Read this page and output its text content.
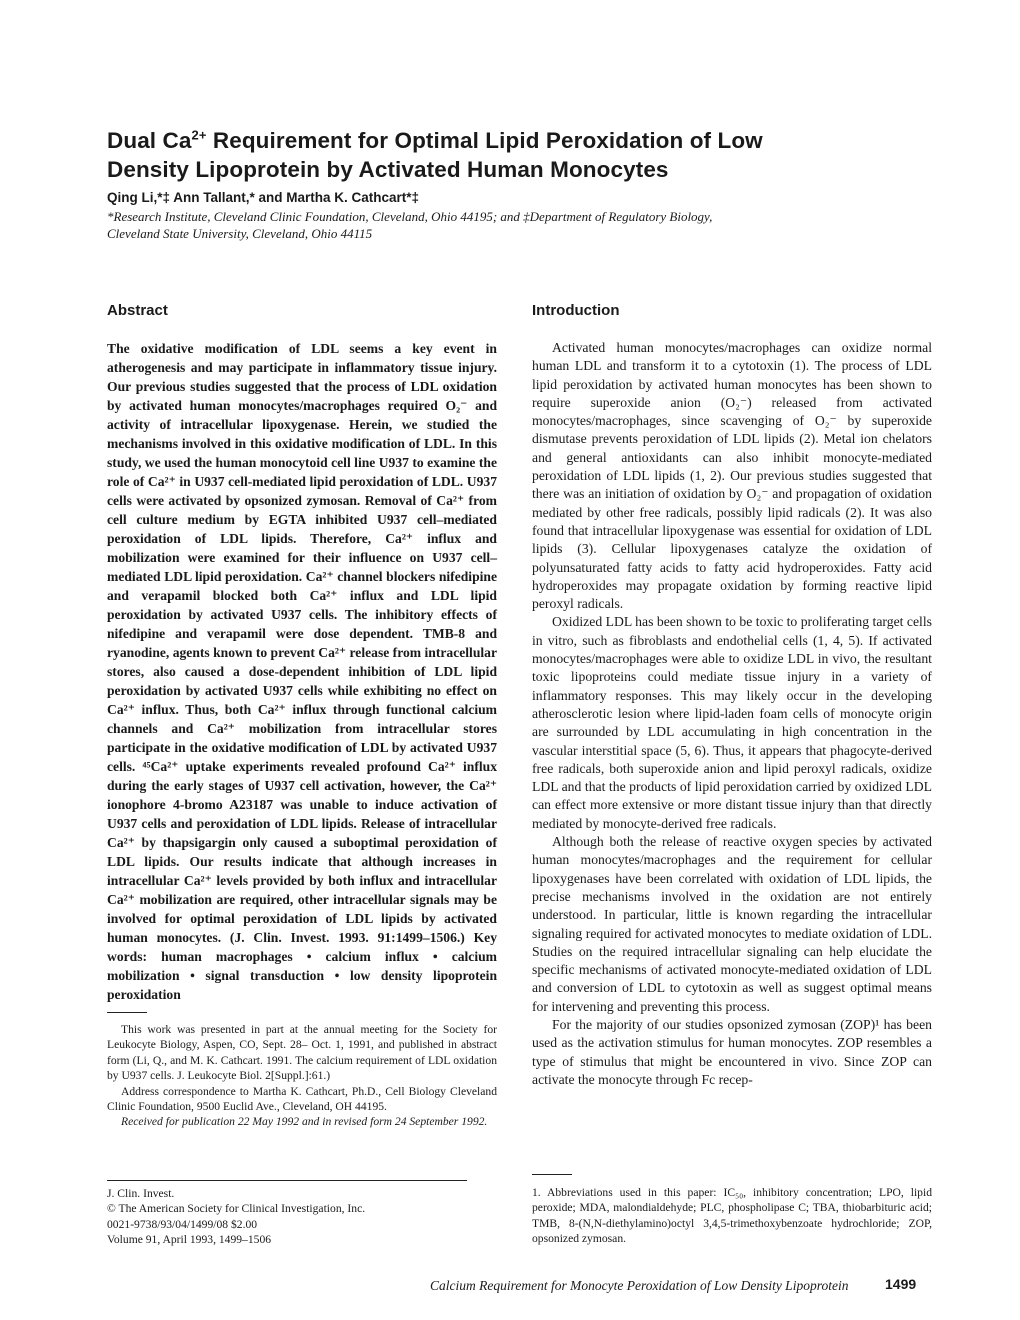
Dual $Ca^{2+}$ Requirement for Optimal Lipid Peroxidation of Low Density Lipoprotein by Activated Human Monocytes
Qing Li,*‡ Ann Tallant,* and Martha K. Cathcart*‡
*Research Institute, Cleveland Clinic Foundation, Cleveland, Ohio 44195; and ‡Department of Regulatory Biology, Cleveland State University, Cleveland, Ohio 44115
Abstract

The oxidative modification of LDL seems a key event in atherogenesis and may participate in inflammatory tissue injury. Our previous studies suggested that the process of LDL oxidation by activated human monocytes/macrophages required O₂⁻ and activity of intracellular lipoxygenase. Herein, we studied the mechanisms involved in this oxidative modification of LDL. In this study, we used the human monocytoid cell line U937 to examine the role of Ca²⁺ in U937 cell-mediated lipid peroxidation of LDL. U937 cells were activated by opsonized zymosan. Removal of Ca²⁺ from cell culture medium by EGTA inhibited U937 cell–mediated peroxidation of LDL lipids. Therefore, Ca²⁺ influx and mobilization were examined for their influence on U937 cell–mediated LDL lipid peroxidation. Ca²⁺ channel blockers nifedipine and verapamil blocked both Ca²⁺ influx and LDL lipid peroxidation by activated U937 cells. The inhibitory effects of nifedipine and verapamil were dose dependent. TMB-8 and ryanodine, agents known to prevent Ca²⁺ release from intracellular stores, also caused a dose-dependent inhibition of LDL lipid peroxidation by activated U937 cells while exhibiting no effect on Ca²⁺ influx. Thus, both Ca²⁺ influx through functional calcium channels and Ca²⁺ mobilization from intracellular stores participate in the oxidative modification of LDL by activated U937 cells. ⁴⁵Ca²⁺ uptake experiments revealed profound Ca²⁺ influx during the early stages of U937 cell activation, however, the Ca²⁺ ionophore 4-bromo A23187 was unable to induce activation of U937 cells and peroxidation of LDL lipids. Release of intracellular Ca²⁺ by thapsigargin only caused a suboptimal peroxidation of LDL lipids. Our results indicate that although increases in intracellular Ca²⁺ levels provided by both influx and intracellular Ca²⁺ mobilization are required, other intracellular signals may be involved for optimal peroxidation of LDL lipids by activated human monocytes. (J. Clin. Invest. 1993. 91:1499–1506.) Key words: human macrophages • calcium influx • calcium mobilization • signal transduction • low density lipoprotein peroxidation

Introduction

Activated human monocytes/macrophages can oxidize normal human LDL and transform it to a cytotoxin (1). The process of LDL lipid peroxidation by activated human monocytes has been shown to require superoxide anion (O₂⁻) released from activated monocytes/macrophages, since scavenging of O₂⁻ by superoxide dismutase prevents peroxidation of LDL lipids (2). Metal ion chelators and general antioxidants can also inhibit monocyte-mediated peroxidation of LDL lipids (1, 2). Our previous studies suggested that there was an initiation of oxidation by O₂⁻ and propagation of oxidation mediated by other free radicals, possibly lipid radicals (2). It was also found that intracellular lipoxygenase was essential for oxidation of LDL lipids (3). Cellular lipoxygenases catalyze the oxidation of polyunsaturated fatty acids to fatty acid hydroperoxides. Fatty acid hydroperoxides may propagate oxidation by forming reactive lipid peroxyl radicals.

Oxidized LDL has been shown to be toxic to proliferating target cells in vitro, such as fibroblasts and endothelial cells (1, 4, 5). If activated monocytes/macrophages were able to oxidize LDL in vivo, the resultant toxic lipoproteins could mediate tissue injury in a variety of inflammatory responses. This may likely occur in the developing atherosclerotic lesion where lipid-laden foam cells of monocyte origin are surrounded by LDL accumulating in high concentration in the vascular interstitial space (5, 6). Thus, it appears that phagocyte-derived free radicals, both superoxide anion and lipid peroxyl radicals, oxidize LDL and that the products of lipid peroxidation carried by oxidized LDL can effect more extensive or more distant tissue injury than that directly mediated by monocyte-derived free radicals.

Although both the release of reactive oxygen species by activated human monocytes/macrophages and the requirement for cellular lipoxygenases have been correlated with oxidation of LDL lipids, the precise mechanisms involved in the oxidation are not entirely understood. In particular, little is known regarding the intracellular signaling required for activated monocytes to mediate oxidation of LDL. Studies on the required intracellular signaling can help elucidate the specific mechanisms of activated monocyte-mediated oxidation of LDL and conversion of LDL to cytotoxin as well as suggest optimal means for intervening and preventing this process.

For the majority of our studies opsonized zymosan (ZOP)¹ has been used as the activation stimulus for human monocytes. ZOP resembles a type of stimulus that might be encountered in vivo. Since ZOP can activate the monocyte through Fc recep-

This work was presented in part at the annual meeting for the Society for Leukocyte Biology, Aspen, CO, Sept. 28– Oct. 1, 1991, and published in abstract form (Li, Q., and M. K. Cathcart. 1991. The calcium requirement of LDL oxidation by U937 cells. J. Leukocyte Biol. 2[Suppl.]:61.)

Address correspondence to Martha K. Cathcart, Ph.D., Cell Biology Cleveland Clinic Foundation, 9500 Euclid Ave., Cleveland, OH 44195.

Received for publication 22 May 1992 and in revised form 24 September 1992.

J. Clin. Invest.
© The American Society for Clinical Investigation, Inc.
0021-9738/93/04/1499/08 $2.00
Volume 91, April 1993, 1499–1506
1. Abbreviations used in this paper: IC₅₀, inhibitory concentration; LPO, lipid peroxide; MDA, malondialdehyde; PLC, phospholipase C; TBA, thiobarbituric acid; TMB, 8-(N,N-diethylamino)octyl 3,4,5-trimethoxybenzoate hydrochloride; ZOP, opsonized zymosan.
Calcium Requirement for Monocyte Peroxidation of Low Density Lipoprotein	1499
